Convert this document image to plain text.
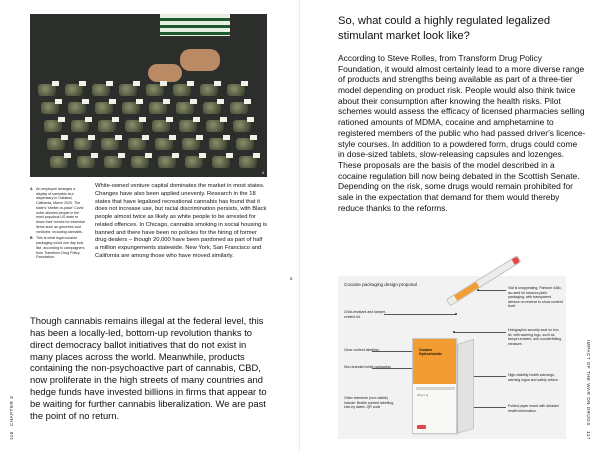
4
A An employee arranges a display of cannabis at a dispensary in Oakland, California, March 2020. The state's 'shelter-in-place' Covid order allowed people in the most populous US state to leave their homes for essential items such as groceries and medicine, including cannabis.
B This is what legal cocaine packaging could one day look like, according to campaigners from Transform Drug Policy Foundation.

White-owned venture capital dominates the market in most states. Changes have also been applied unevenly. Research in the 18 states that have legalized recreational cannabis has found that it does not increase use, but racial discrimination persists, with Black people almost twice as likely as white people to be arrested for related offences. In Chicago, cannabis smoking in social housing is banned and there have been no policies for the hiring of former drug dealers – though 20,000 have been pardoned as part of half a million expungements statewide. New York, San Francisco and California are among those who have moved similarly.

Though cannabis remains illegal at the federal level, this has been a locally-led, bottom-up revolution thanks to direct democracy ballot initiatives that do not exist in many places across the world. Meanwhile, products containing the non-psychoactive part of cannabis, CBD, now proliferate in the high streets of many countries and hedge funds have invested billions in firms that appear to be waiting for further cannabis liberalization. We are past the point of no return.

116
CHAPTER 3
So, what could a highly regulated legalized stimulant market look like?

According to Steve Rolles, from Transform Drug Policy Foundation, it would almost certainly lead to a more diverse range of products and strengths being available as part of a three-tier model depending on product risk. People would also think twice about their consumption after knowing the health risks. Pilot schemes would assess the efficacy of licensed pharmacies selling rationed amounts of MDMA, cocaine and amphetamine to registered members of the public who had passed driver's licence-style courses. In addition to a powdered form, drugs could come in dose-sized tablets, slow-releasing capsules and lozenges. These proposals are the basis of the model described in a cocaine regulation bill now being debated in the Scottish Senate. Depending on the risk, some drugs would remain prohibited for sale in the expectation that demand for them would thereby reduce thanks to the reforms.

B
Cocaine packaging design proposal
Child-resistant and tamper-evident lid.
Clear content labelling.
Non-branded white packaging.
Other elements (non-visible) include: Braille content labelling, Use-by dates, QR code
Vial is unappealing. Pantone 448c, as used for tobacco plain packaging, with transparent window on reverse to show content level.
Holographic security seal on box lid, with warning logo, such as tamper-evident, anti-counterfeiting measure.
High-visibility health warnings, warning logos and safety advice.
Folded paper insert with detailed health information.
Cocaine Hydrochloride
25mg x 1g	IMPACT OF THE WAR ON DRUGS
117
